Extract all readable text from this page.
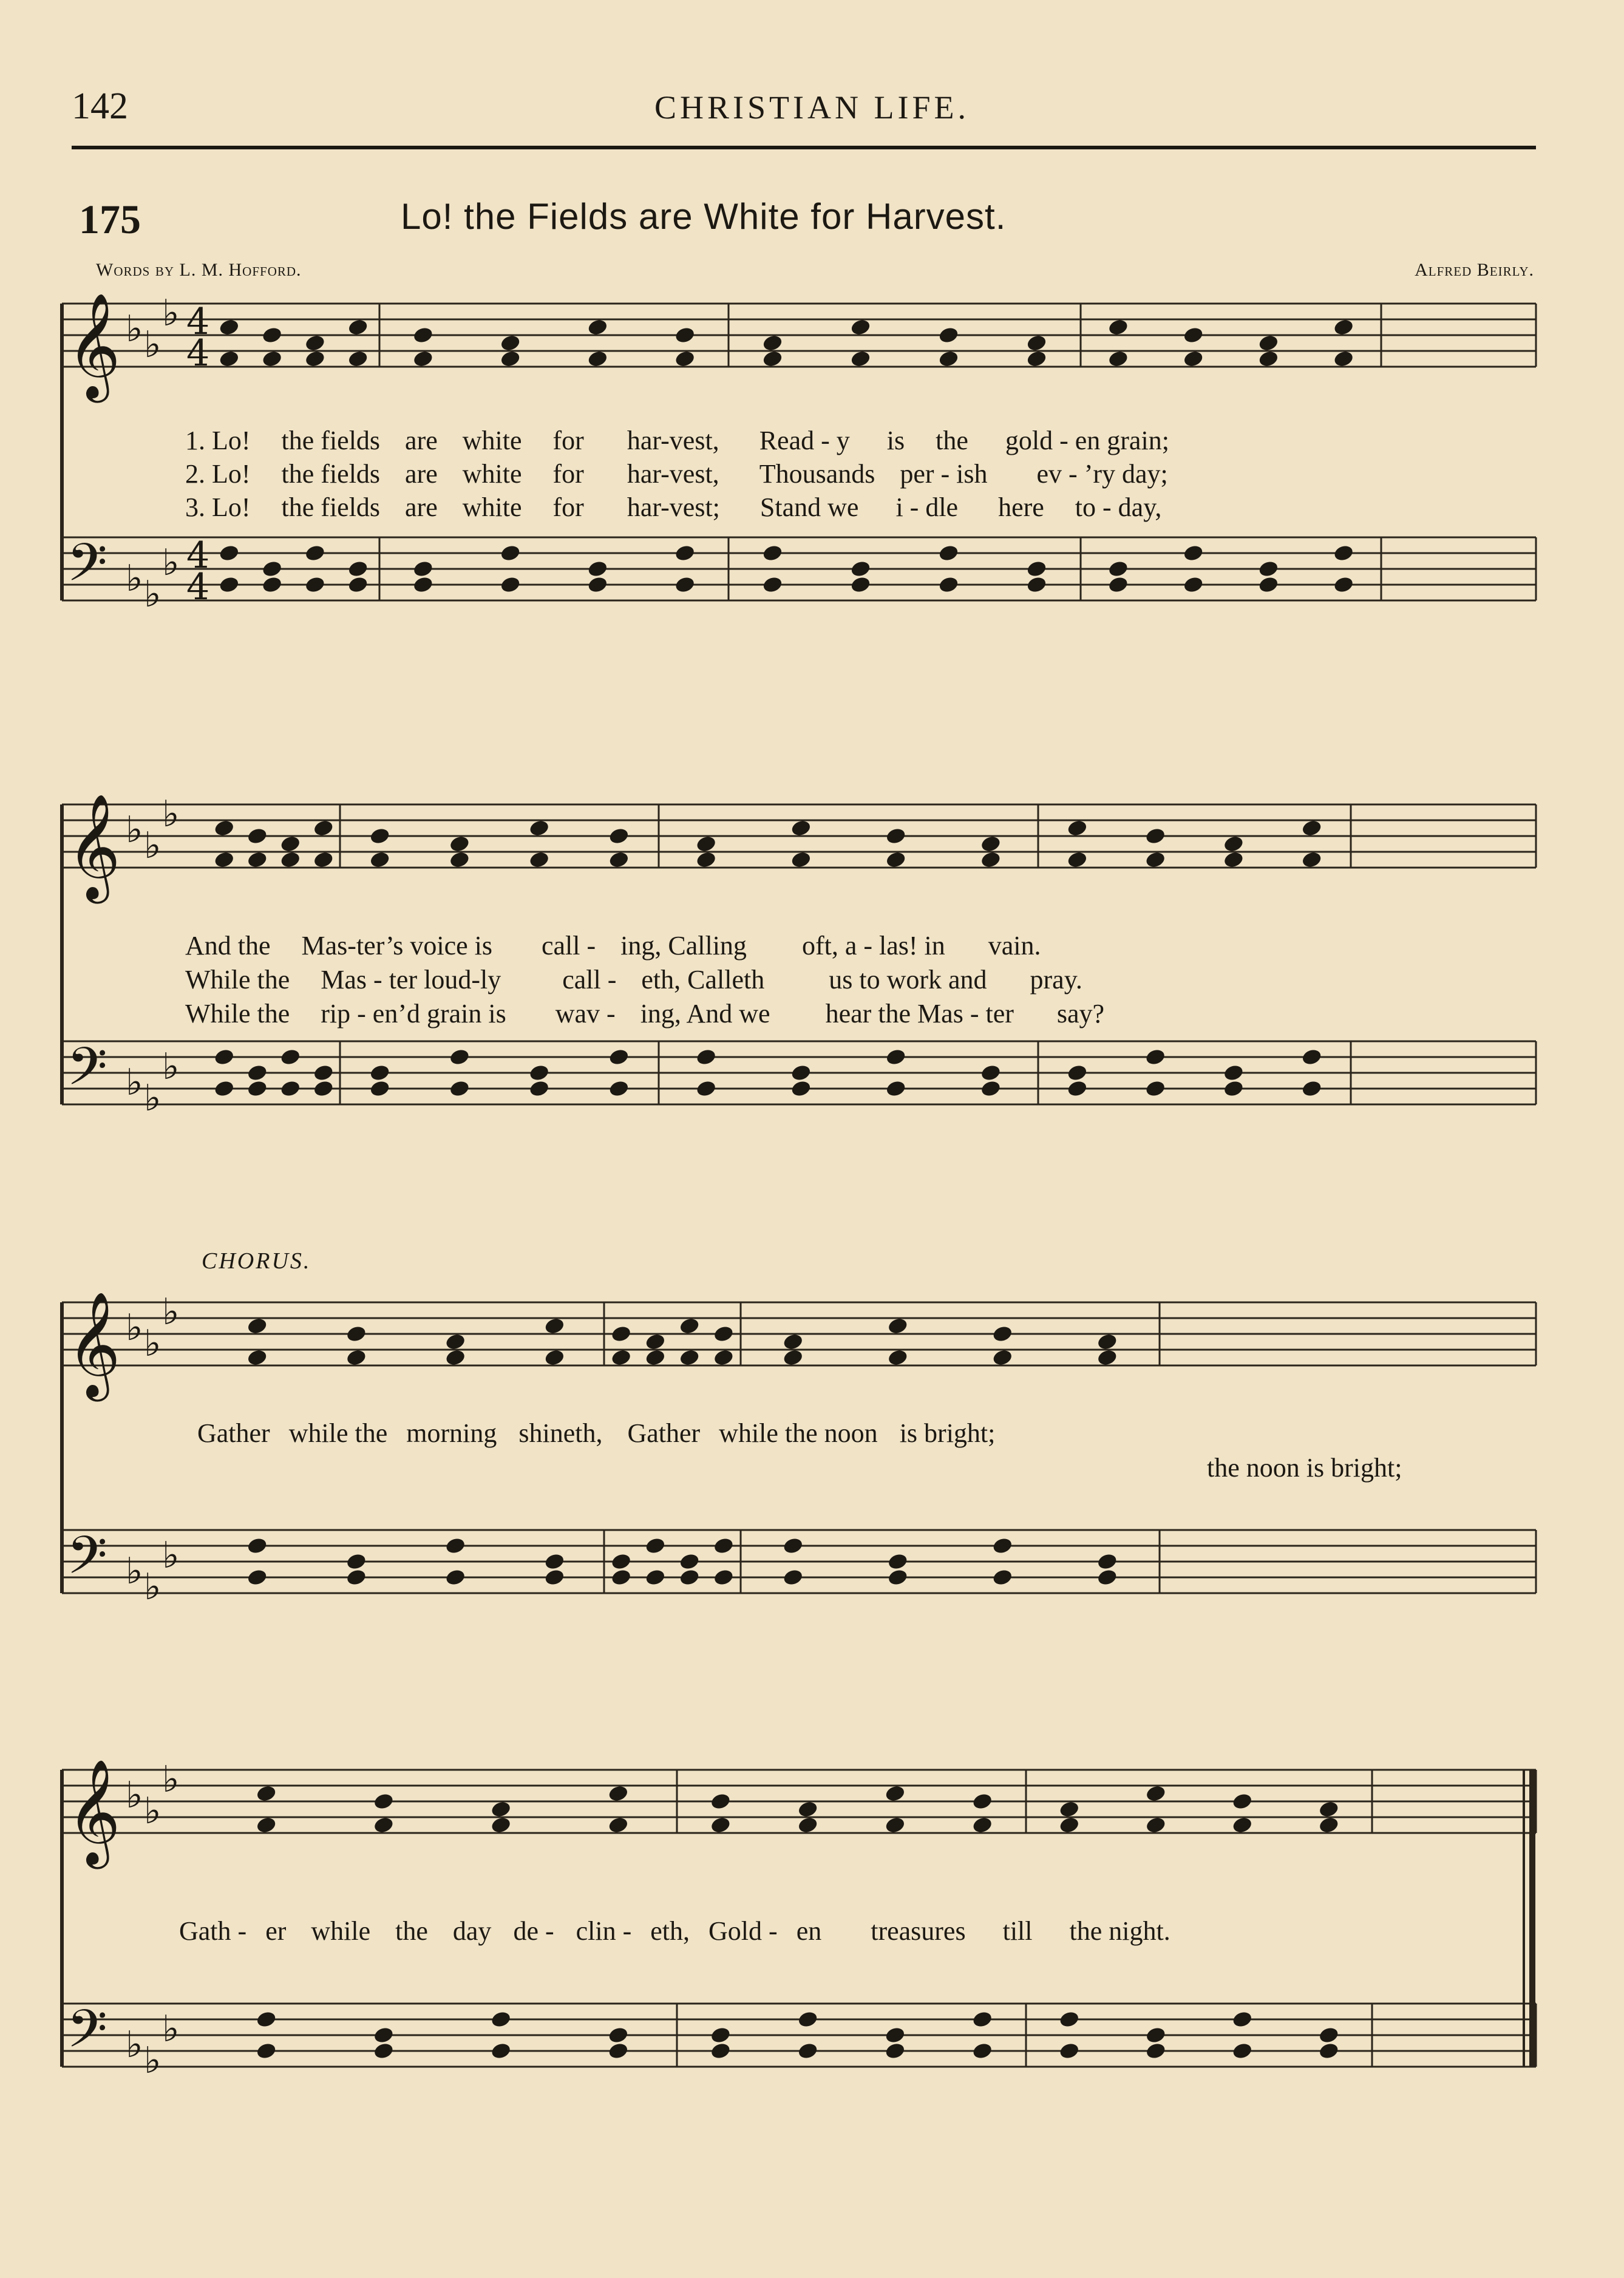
142	CHRISTIAN LIFE.
175	Lo! the Fields are White for Harvest.
Words by L. M. Hofford.	Alfred Beirly.
CHORUS.
𝄞
𝄢
♭ ♭
♭
♭ ♭
♭
4
4
4
4
𝄞
𝄢
♭ ♭
♭
♭ ♭
♭
𝄞
𝄢
♭ ♭
♭
♭ ♭
♭
𝄞
𝄢
♭ ♭
♭
♭ ♭
♭
1. Lo! the fields are white for har-vest, Read - y is the gold - en grain;
2. Lo! the fields are white for har-vest, Thousands per - ish ev - ’ry day;
3. Lo! the fields are white for har-vest; Stand we i - dle here to - day,
And the Mas-ter’s voice is call - ing, Calling oft, a - las! in vain.
While the Mas - ter loud-ly call - eth, Calleth us to work and pray.
While the rip - en’d grain is wav - ing, And we hear the Mas - ter say?
Gather while the morning shineth, Gather while the noon is bright;
the noon is bright;
Gath - er while the day de - clin - eth, Gold - en treasures till the night.
